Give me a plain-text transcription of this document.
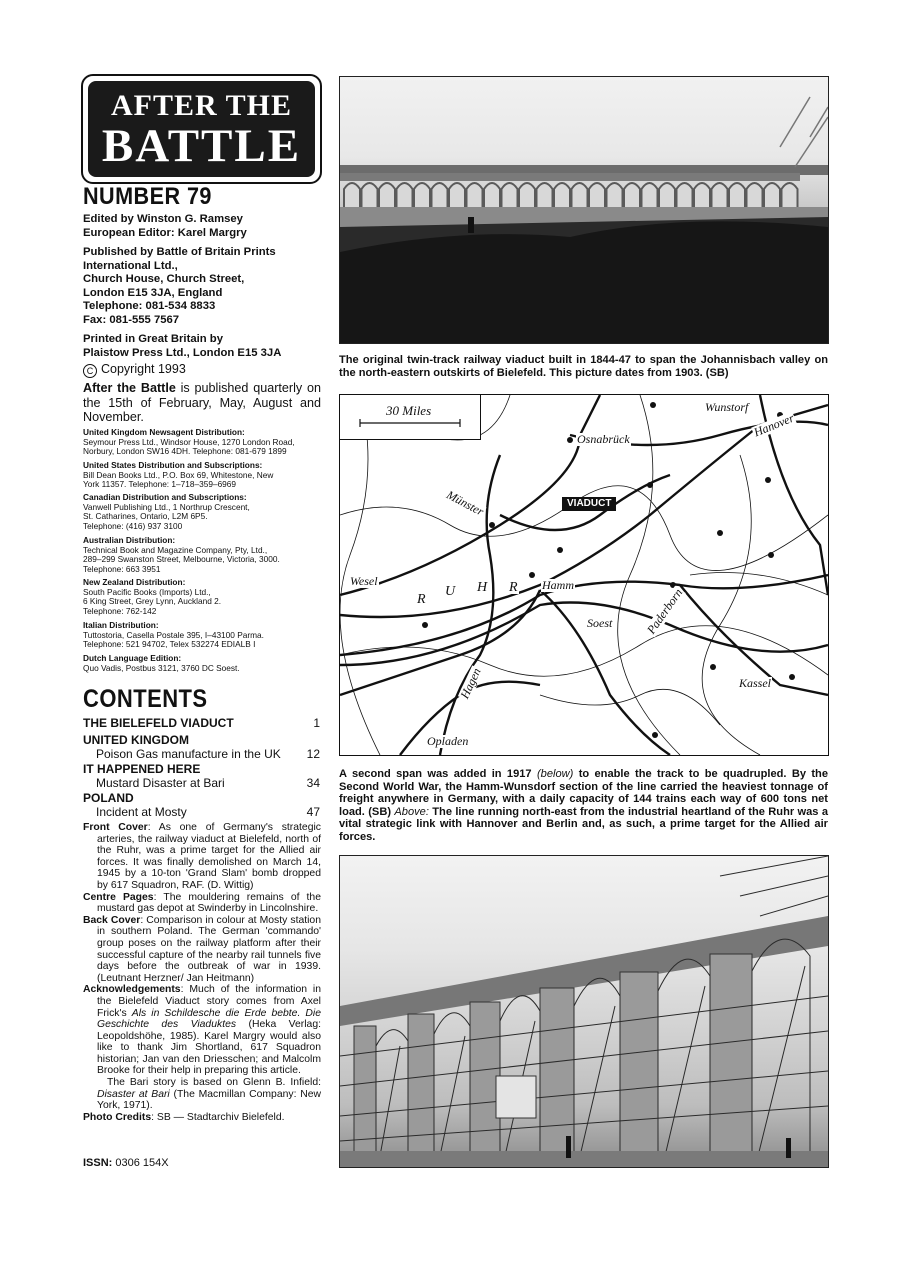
AFTER THE
BATTLE
NUMBER 79
Edited by Winston G. Ramsey
European Editor: Karel Margry
Published by Battle of Britain Prints
International Ltd.,
Church House, Church Street,
London E15 3JA, England
Telephone: 081-534 8833
Fax: 081-555 7567
Printed in Great Britain by
Plaistow Press Ltd., London E15 3JA
C Copyright 1993
After the Battle is published quarterly on the 15th of February, May, August and November.
United Kingdom Newsagent Distribution:
Seymour Press Ltd., Windsor House, 1270 London Road,
Norbury, London SW16 4DH. Telephone: 081-679 1899
United States Distribution and Subscriptions:
Bill Dean Books Ltd., P.O. Box 69, Whitestone, New
York 11357. Telephone: 1–718–359–6969
Canadian Distribution and Subscriptions:
Vanwell Publishing Ltd., 1 Northrup Crescent,
St. Catharines, Ontario, L2M 6P5.
Telephone: (416) 937 3100
Australian Distribution:
Technical Book and Magazine Company, Pty, Ltd.,
289–299 Swanston Street, Melbourne, Victoria, 3000.
Telephone: 663 3951
New Zealand Distribution:
South Pacific Books (Imports) Ltd.,
6 King Street, Grey Lynn, Auckland 2.
Telephone: 762-142
Italian Distribution:
Tuttostoria, Casella Postale 395, I–43100 Parma.
Telephone: 521 94702, Telex 532274 EDIALB I
Dutch Language Edition:
Quo Vadis, Postbus 3121, 3760 DC Soest.
CONTENTS
THE BIELEFELD VIADUCT	1
UNITED KINGDOM
Poison Gas manufacture in the UK	12
IT HAPPENED HERE
Mustard Disaster at Bari	34
POLAND
Incident at Mosty	47
Front Cover: As one of Germany's strategic arteries, the railway viaduct at Bielefeld, north of the Ruhr, was a prime target for the Allied air forces. It was finally demolished on March 14, 1945 by a 10-ton 'Grand Slam' bomb dropped by 617 Squadron, RAF. (D. Wittig)
Centre Pages: The mouldering remains of the mustard gas depot at Swinderby in Lincolnshire.
Back Cover: Comparison in colour at Mosty station in southern Poland. The German 'commando' group poses on the railway platform after their successful capture of the nearby rail tunnels five days before the outbreak of war in 1939. (Leutnant Herzner/ Jan Heitmann)
Acknowledgements: Much of the information in the Bielefeld Viaduct story comes from Axel Frick's Als in Schildesche die Erde bebte. Die Geschichte des Viaduktes (Heka Verlag: Leopoldshöhe, 1985). Karel Margry would also like to thank Jim Shortland, 617 Squadron historian; Jan van den Driesschen; and Malcolm Brooke for their help in preparing this article.
The Bari story is based on Glenn B. Infield: Disaster at Bari (The Macmillan Company: New York, 1971).
Photo Credits: SB — Stadtarchiv Bielefeld.
ISSN: 0306 154X
The original twin-track railway viaduct built in 1844-47 to span the Johannisbach valley on the north-eastern outskirts of Bielefeld. This picture dates from 1903. (SB)
30 Miles
VIADUCT
Wunstorf
Hanover
Osnabrück
Münster
Wesel	Hamm
Soest	Paderborn
Kassel
Hagen
Opladen
R
U H R
A second span was added in 1917 (below) to enable the track to be quadrupled. By the Second World War, the Hamm-Wunsdorf section of the line carried the heaviest tonnage of freight anywhere in Germany, with a daily capacity of 144 trains each way of 600 tons net load. (SB) Above: The line running north-east from the industrial heartland of the Ruhr was a vital strategic link with Hannover and Berlin and, as such, a prime target for the Allied air forces.
